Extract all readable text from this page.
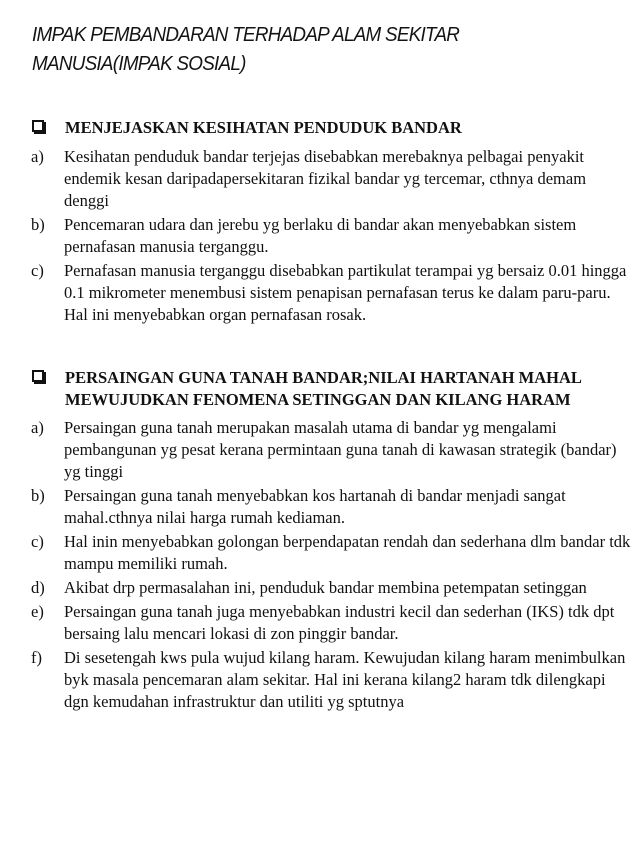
IMPAK PEMBANDARAN TERHADAP ALAM SEKITAR MANUSIA(IMPAK SOSIAL)
MENJEJASKAN KESIHATAN PENDUDUK BANDAR
a) Kesihatan penduduk bandar terjejas disebabkan merebaknya pelbagai penyakit endemik kesan daripadapersekitaran fizikal bandar yg tercemar, cthnya demam denggi
b) Pencemaran udara dan jerebu yg berlaku di bandar akan menyebabkan sistem pernafasan manusia terganggu.
c) Pernafasan manusia terganggu disebabkan partikulat terampai yg bersaiz 0.01 hingga 0.1 mikrometer menembusi sistem penapisan pernafasan terus ke dalam paru-paru. Hal ini menyebabkan organ pernafasan rosak.
PERSAINGAN GUNA TANAH BANDAR;NILAI HARTANAH MAHAL MEWUJUDKAN FENOMENA SETINGGAN DAN KILANG HARAM
a) Persaingan guna tanah merupakan masalah utama di bandar yg mengalami pembangunan yg pesat kerana permintaan guna tanah di kawasan strategik (bandar) yg tinggi
b) Persaingan guna tanah menyebabkan kos hartanah di bandar menjadi sangat mahal.cthnya nilai harga rumah kediaman.
c) Hal inin menyebabkan golongan berpendapatan rendah dan sederhana dlm bandar tdk mampu memiliki rumah.
d) Akibat drp permasalahan ini, penduduk bandar membina petempatan setinggan
e) Persaingan guna tanah juga menyebabkan industri kecil dan sederhan (IKS) tdk dpt bersaing lalu mencari lokasi di zon pinggir bandar.
f) Di sesetengah kws pula wujud kilang haram. Kewujudan kilang haram menimbulkan byk masala pencemaran alam sekitar. Hal ini kerana kilang2 haram tdk dilengkapi dgn kemudahan infrastruktur dan utiliti yg sptutnya
